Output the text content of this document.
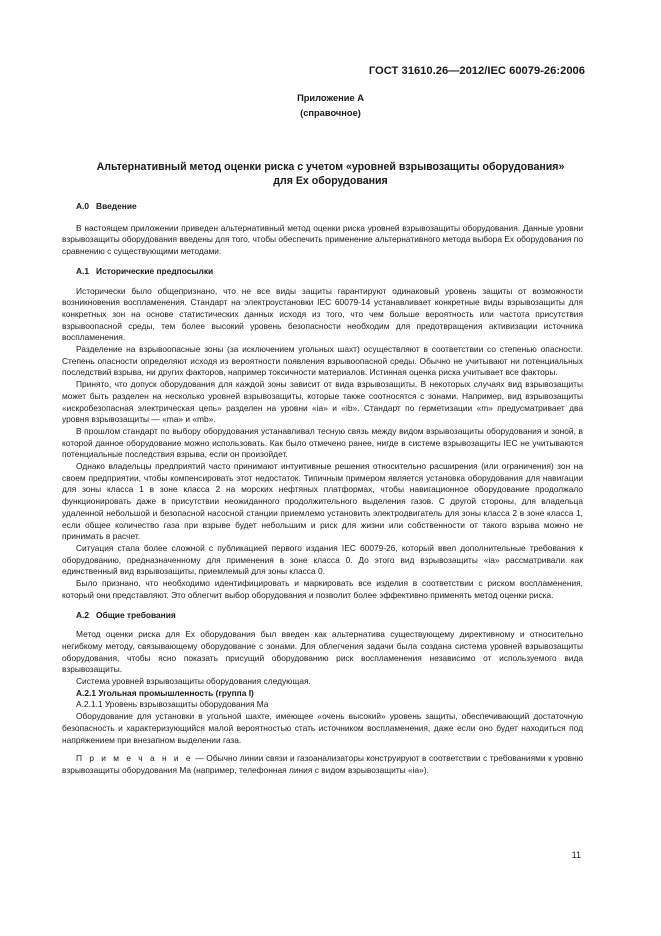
ГОСТ 31610.26—2012/IEC 60079-26:2006
Приложение А
(справочное)
Альтернативный метод оценки риска с учетом «уровней взрывозащиты оборудования»
для Ex оборудования
А.0 Введение

В настоящем приложении приведен альтернативный метод оценки риска уровней взрывозащиты оборудования. Данные уровни взрывозащиты оборудования введены для того, чтобы обеспечить применение альтернативного метода выбора Ex оборудования по сравнению с существующими методами.

А.1 Исторические предпосылки

Исторически было общепризнано, что не все виды защиты гарантируют одинаковый уровень защиты от возможности возникновения воспламенения. Стандарт на электроустановки IEC 60079-14 устанавливает конкретные виды взрывозащиты для конкретных зон на основе статистических данных исходя из того, что чем больше вероятность или частота присутствия взрывоопасной среды, тем более высокий уровень безопасности необходим для предотвращения активизации источника воспламенения.

Разделение на взрывоопасные зоны (за исключением угольных шахт) осуществляют в соответствии со степенью опасности. Степень опасности определяют исходя из вероятности появления взрывоопасной среды. Обычно не учитывают ни потенциальных последствий взрыва, ни других факторов, например токсичности материалов. Истинная оценка риска учитывает все факторы.

Принято, что допуск оборудования для каждой зоны зависит от вида взрывозащиты. В некоторых случаях вид взрывозащиты может быть разделен на несколько уровней взрывозащиты, которые также соотносятся с зонами. Например, вид взрывозащиты «искробезопасная электрическая цепь» разделен на уровни «ia» и «ib». Стандарт по герметизации «m» предусматривает два уровня взрывозащиты — «ma» и «mb».

В прошлом стандарт по выбору оборудования устанавливал тесную связь между видом взрывозащиты оборудования и зоной, в которой данное оборудование можно использовать. Как было отмечено ранее, нигде в системе взрывозащиты IEC не учитываются потенциальные последствия взрыва, если он произойдет.

Однако владельцы предприятий часто принимают интуитивные решения относительно расширения (или ограничения) зон на своем предприятии, чтобы компенсировать этот недостаток. Типичным примером является установка оборудования для навигации для зоны класса 1 в зоне класса 2 на морских нефтяных платформах, чтобы навигационное оборудование продолжало функционировать даже в присутствии неожиданного продолжительного выделения газов. С другой стороны, для владельца удаленной небольшой и безопасной насосной станции приемлемо установить электродвигатель для зоны класса 2 в зоне класса 1, если общее количество газа при взрыве будет небольшим и риск для жизни или собственности от такого взрыва можно не принимать в расчет.

Ситуация стала более сложной с публикацией первого издания IEC 60079-26, который ввел дополнительные требования к оборудованию, предназначенному для применения в зоне класса 0. До этого вид взрывозащиты «ia» рассматривали как единственный вид взрывозащиты, приемлемый для зоны класса 0.

Было признано, что необходимо идентифицировать и маркировать все изделия в соответствии с риском воспламенения, который они представляют. Это облегчит выбор оборудования и позволит более эффективно применять метод оценки риска.

А.2 Общие требования

Метод оценки риска для Ex оборудования был введен как альтернатива существующему директивному и относительно негибкому методу, связывающему оборудование с зонами. Для облегчения задачи была создана система уровней взрывозащиты оборудования, чтобы ясно показать присущий оборудованию риск воспламенения независимо от используемого вида взрывозащиты.

Система уровней взрывозащиты оборудования следующая.

А.2.1 Угольная промышленность (группа I)
А.2.1.1 Уровень взрывозащиты оборудования Ma

Оборудование для установки в угольной шахте, имеющее «очень высокий» уровень защиты, обеспечивающий достаточную безопасность и характеризующийся малой вероятностью стать источником воспламенения, даже если оно будет находиться под напряжением при внезапном выделении газа.

П р и м е ч а н и е — Обычно линии связи и газоанализаторы конструируют в соответствии с требованиями к уровню взрывозащиты оборудования Ma (например, телефонная линия с видом взрывозащиты «ia»).

11
